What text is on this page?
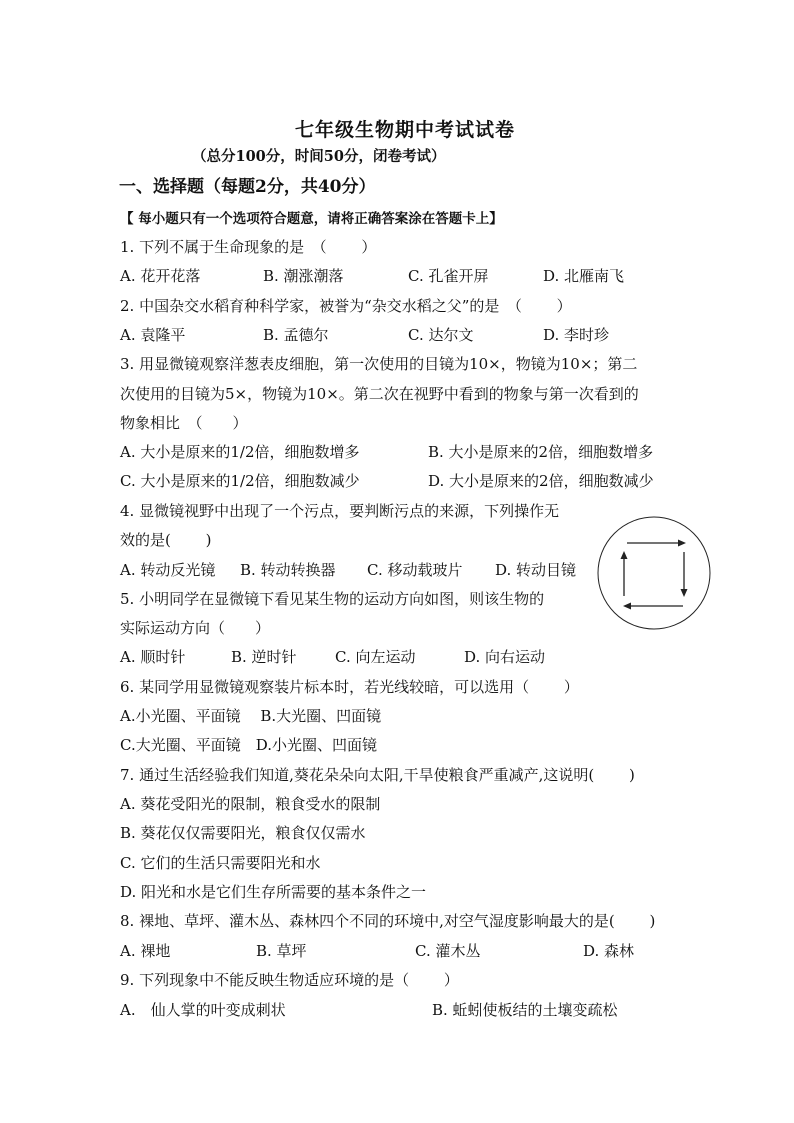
七年级生物期中考试试卷
（总分100分，时间50分，闭卷考试）
一、选择题（每题2分，共40分）
【 每小题只有一个选项符合题意，请将正确答案涂在答题卡上】
1. 下列不属于生命现象的是　（　　 ）
A. 花开花落	B. 潮涨潮落	C. 孔雀开屏	D. 北雁南飞
2. 中国杂交水稻育种科学家，被誉为“杂交水稻之父”的是　（　　 ）
A. 袁隆平	B. 孟德尔	C. 达尔文	D. 李时珍
3. 用显微镜观察洋葱表皮细胞，第一次使用的目镜为10×，物镜为10×；第二
次使用的目镜为5×，物镜为10×。第二次在视野中看到的物象与第一次看到的
物象相比　（　　）
A. 大小是原来的1/2倍，细胞数增多	B. 大小是原来的2倍，细胞数增多
C. 大小是原来的1/2倍，细胞数减少	D. 大小是原来的2倍，细胞数减少
4. 显微镜视野中出现了一个污点，要判断污点的来源，下列操作无
效的是(　　 )
A. 转动反光镜 B. 转动转换器 C. 移动载玻片 D. 转动目镜
5. 小明同学在显微镜下看见某生物的运动方向如图，则该生物的
实际运动方向（　　）
A. 顺时针	B. 逆时针	C. 向左运动	D. 向右运动
6. 某同学用显微镜观察装片标本时，若光线较暗，可以选用（　　 ）
A.小光圈、平面镜　 B.大光圈、凹面镜
C.大光圈、平面镜　D.小光圈、凹面镜
7. 通过生活经验我们知道,葵花朵朵向太阳,干旱使粮食严重减产,这说明(　　 )
A. 葵花受阳光的限制，粮食受水的限制
B. 葵花仅仅需要阳光，粮食仅仅需水
C. 它们的生活只需要阳光和水
D. 阳光和水是它们生存所需要的基本条件之一
8. 裸地、草坪、灌木丛、森林四个不同的环境中,对空气湿度影响最大的是(　　 )
A. 裸地	B. 草坪	C. 灌木丛	D. 森林
9. 下列现象中不能反映生物适应环境的是（　　 ）
A.　仙人掌的叶变成刺状	B. 蚯蚓使板结的土壤变疏松
